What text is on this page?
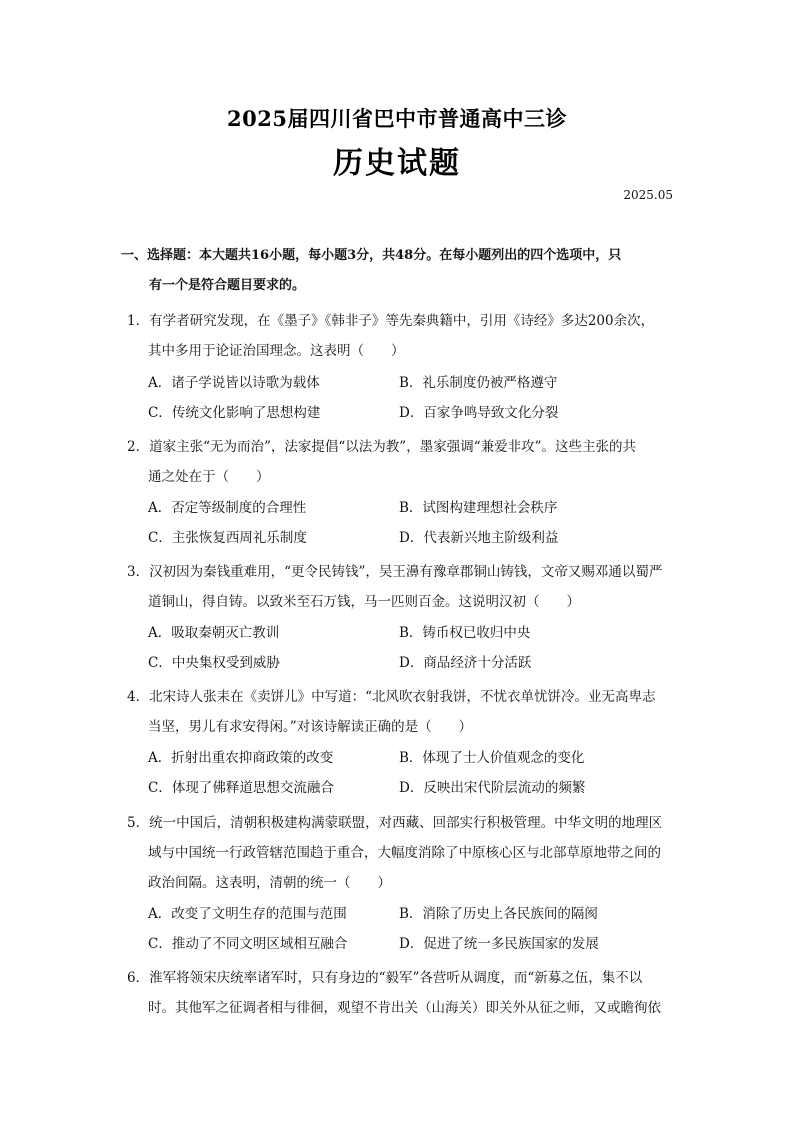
2025届四川省巴中市普通高中三诊
历史试题
2025.05
一、选择题：本大题共16小题，每小题3分，共48分。在每小题列出的四个选项中，只
有一个是符合题目要求的。
1．有学者研究发现，在《墨子》《韩非子》等先秦典籍中，引用《诗经》多达200余次，
其中多用于论证治国理念。这表明（　　）
A．诸子学说皆以诗歌为载体	B．礼乐制度仍被严格遵守
C．传统文化影响了思想构建	D．百家争鸣导致文化分裂
2．道家主张“无为而治”，法家提倡“以法为教”，墨家强调“兼爱非攻”。这些主张的共
通之处在于（　　）
A．否定等级制度的合理性	B．试图构建理想社会秩序
C．主张恢复西周礼乐制度	D．代表新兴地主阶级利益
3．汉初因为秦钱重难用，“更令民铸钱”，吴王濞有豫章郡铜山铸钱，文帝又赐邓通以蜀严
道铜山，得自铸。以致米至石万钱，马一匹则百金。这说明汉初（　　）
A．吸取秦朝灭亡教训	B．铸币权已收归中央
C．中央集权受到威胁	D．商品经济十分活跃
4．北宋诗人张耒在《卖饼儿》中写道：“北风吹衣射我饼，不忧衣单忧饼冷。业无高卑志
当坚，男儿有求安得闲。”对该诗解读正确的是（　　）
A．折射出重农抑商政策的改变	B．体现了士人价值观念的变化
C．体现了佛释道思想交流融合	D．反映出宋代阶层流动的频繁
5．统一中国后，清朝积极建构满蒙联盟，对西藏、回部实行积极管理。中华文明的地理区
域与中国统一行政管辖范围趋于重合，大幅度消除了中原核心区与北部草原地带之间的
政治间隔。这表明，清朝的统一（　　）
A．改变了文明生存的范围与范围	B．消除了历史上各民族间的隔阂
C．推动了不同文明区域相互融合	D．促进了统一多民族国家的发展
6．淮军将领宋庆统率诸军时，只有身边的“毅军”各营听从调度，而“新募之伍，集不以
时。其他军之征调者相与徘徊，观望不肯出关（山海关）即关外从征之师，又或瞻徇依
